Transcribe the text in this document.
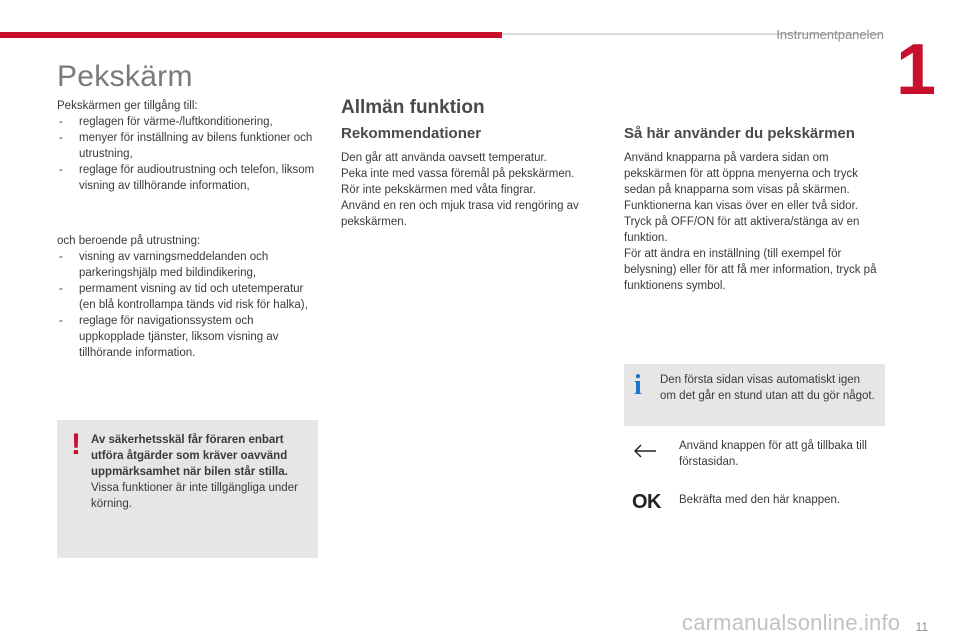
Instrumentpanelen 1
Pekskärm

Pekskärmen ger tillgång till:

- reglagen för värme-/luftkonditionering,
- menyer för inställning av bilens funktioner och utrustning,
- reglage för audioutrustning och telefon, liksom visning av tillhörande information,

och beroende på utrustning:

- visning av varningsmeddelanden och parkeringshjälp med bildindikering,
- permament visning av tid och utetemperatur (en blå kontrollampa tänds vid risk för halka),
- reglage för navigationssystem och uppkopplade tjänster, liksom visning av tillhörande information.
! Av säkerhetsskäl får föraren enbart utföra åtgärder som kräver oavvänd uppmärksamhet när bilen står stilla.
Vissa funktioner är inte tillgängliga under körning.
Allmän funktion
Rekommendationer

Den går att använda oavsett temperatur.

Peka inte med vassa föremål på pekskärmen.

Rör inte pekskärmen med våta fingrar.

Använd en ren och mjuk trasa vid rengöring av pekskärmen.

Så här använder du pekskärmen

Använd knapparna på vardera sidan om pekskärmen för att öppna menyerna och tryck sedan på knapparna som visas på skärmen.

Funktionerna kan visas över en eller två sidor.

Tryck på OFF/ON för att aktivera/stänga av en funktion.

För att ändra en inställning (till exempel för belysning) eller för att få mer information, tryck på funktionens symbol.

i Den första sidan visas automatiskt igen om det går en stund utan att du gör något.
Använd knappen för att gå tillbaka till förstasidan.
OK Bekräfta med den här knappen.
11
carmanualsonline.info
